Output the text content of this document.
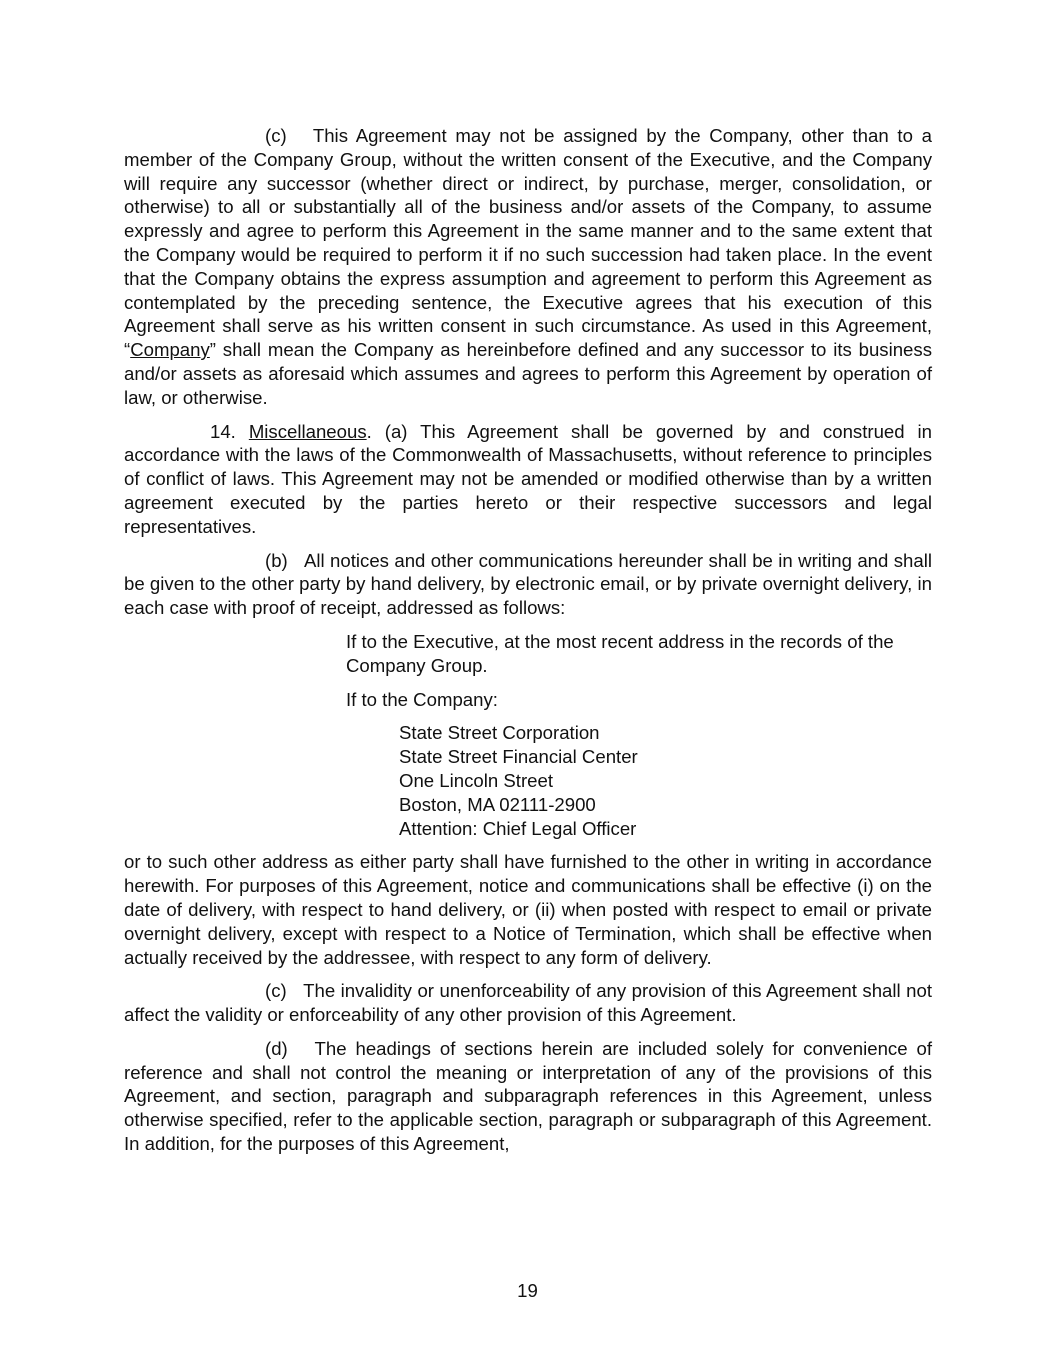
(c)   This Agreement may not be assigned by the Company, other than to a member of the Company Group, without the written consent of the Executive, and the Company will require any successor (whether direct or indirect, by purchase, merger, consolidation, or otherwise) to all or substantially all of the business and/or assets of the Company, to assume expressly and agree to perform this Agreement in the same manner and to the same extent that the Company would be required to perform it if no such succession had taken place. In the event that the Company obtains the express assumption and agreement to perform this Agreement as contemplated by the preceding sentence, the Executive agrees that his execution of this Agreement shall serve as his written consent in such circumstance. As used in this Agreement, “Company” shall mean the Company as hereinbefore defined and any successor to its business and/or assets as aforesaid which assumes and agrees to perform this Agreement by operation of law, or otherwise.

14. Miscellaneous. (a) This Agreement shall be governed by and construed in accordance with the laws of the Commonwealth of Massachusetts, without reference to principles of conflict of laws. This Agreement may not be amended or modified otherwise than by a written agreement executed by the parties hereto or their respective successors and legal representatives.

(b)   All notices and other communications hereunder shall be in writing and shall be given to the other party by hand delivery, by electronic email, or by private overnight delivery, in each case with proof of receipt, addressed as follows:

If to the Executive, at the most recent address in the records of the Company Group.

If to the Company:

State Street Corporation
State Street Financial Center
One Lincoln Street
Boston, MA 02111-2900
Attention: Chief Legal Officer

or to such other address as either party shall have furnished to the other in writing in accordance herewith. For purposes of this Agreement, notice and communications shall be effective (i) on the date of delivery, with respect to hand delivery, or (ii) when posted with respect to email or private overnight delivery, except with respect to a Notice of Termination, which shall be effective when actually received by the addressee, with respect to any form of delivery.

(c)   The invalidity or unenforceability of any provision of this Agreement shall not affect the validity or enforceability of any other provision of this Agreement.

(d)   The headings of sections herein are included solely for convenience of reference and shall not control the meaning or interpretation of any of the provisions of this Agreement, and section, paragraph and subparagraph references in this Agreement, unless otherwise specified, refer to the applicable section, paragraph or subparagraph of this Agreement. In addition, for the purposes of this Agreement,

19
